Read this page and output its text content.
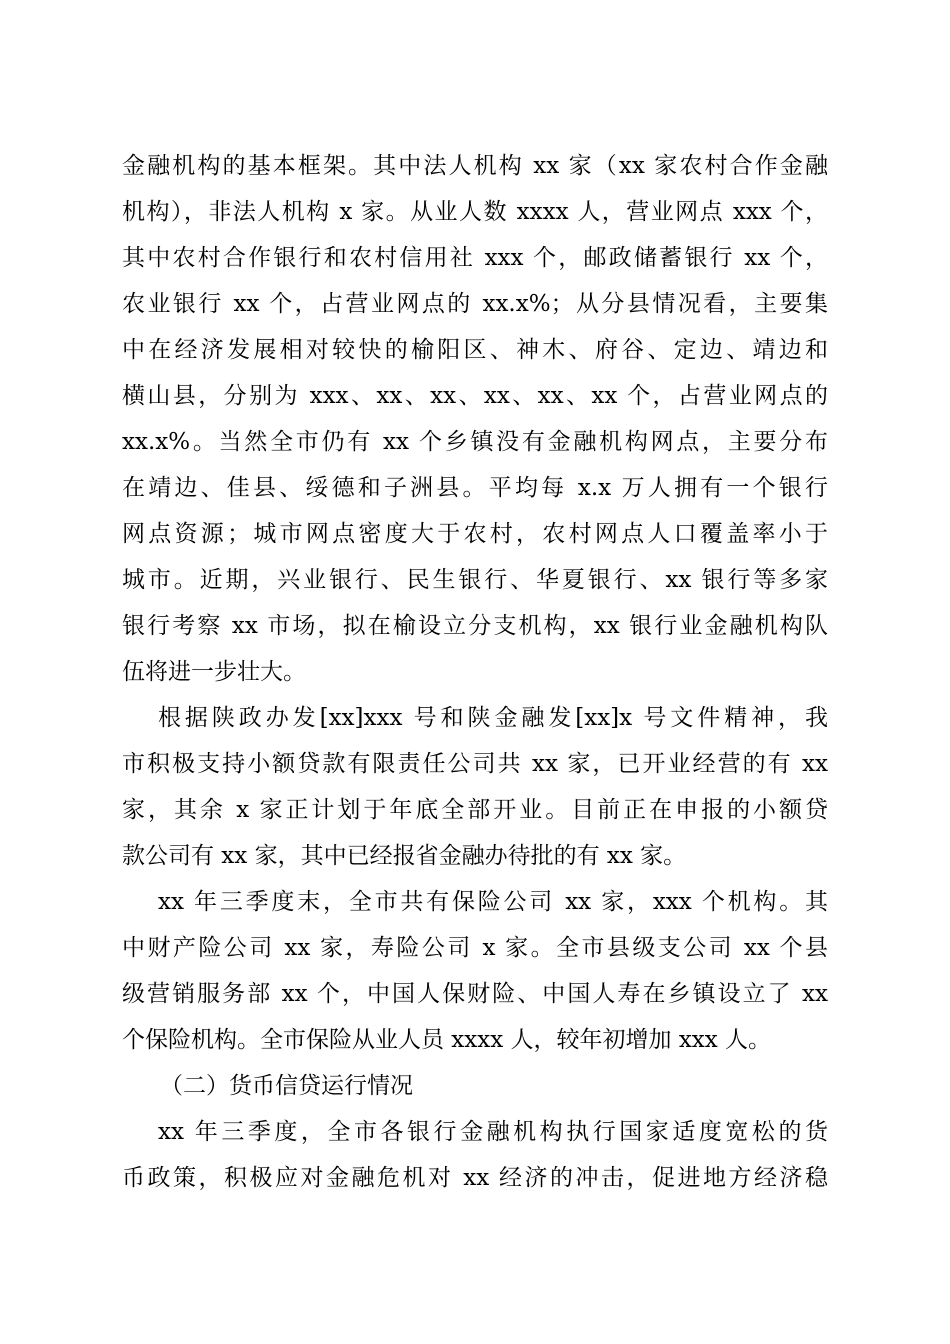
金融机构的基本框架。其中法人机构 xx 家（xx 家农村合作金融
机构），非法人机构 x 家。从业人数 xxxx 人，营业网点 xxx 个，
其中农村合作银行和农村信用社 xxx 个，邮政储蓄银行 xx 个，
农业银行 xx 个，占营业网点的 xx.x%；从分县情况看，主要集
中在经济发展相对较快的榆阳区、神木、府谷、定边、靖边和
横山县，分别为 xxx、xx、xx、xx、xx、xx 个，占营业网点的
xx.x%。当然全市仍有 xx 个乡镇没有金融机构网点，主要分布
在靖边、佳县、绥德和子洲县。平均每 x.x 万人拥有一个银行
网点资源；城市网点密度大于农村，农村网点人口覆盖率小于
城市。近期，兴业银行、民生银行、华夏银行、xx 银行等多家
银行考察 xx 市场，拟在榆设立分支机构，xx 银行业金融机构队
伍将进一步壮大。
根据陕政办发[xx]xxx 号和陕金融发[xx]x 号文件精神，我
市积极支持小额贷款有限责任公司共 xx 家，已开业经营的有 xx
家，其余 x 家正计划于年底全部开业。目前正在申报的小额贷
款公司有 xx 家，其中已经报省金融办待批的有 xx 家。
xx 年三季度末，全市共有保险公司 xx 家，xxx 个机构。其
中财产险公司 xx 家，寿险公司 x 家。全市县级支公司 xx 个县
级营销服务部 xx 个，中国人保财险、中国人寿在乡镇设立了 xx
个保险机构。全市保险从业人员 xxxx 人，较年初增加 xxx 人。
（二）货币信贷运行情况
xx 年三季度，全市各银行金融机构执行国家适度宽松的货
币政策，积极应对金融危机对 xx 经济的冲击，促进地方经济稳
